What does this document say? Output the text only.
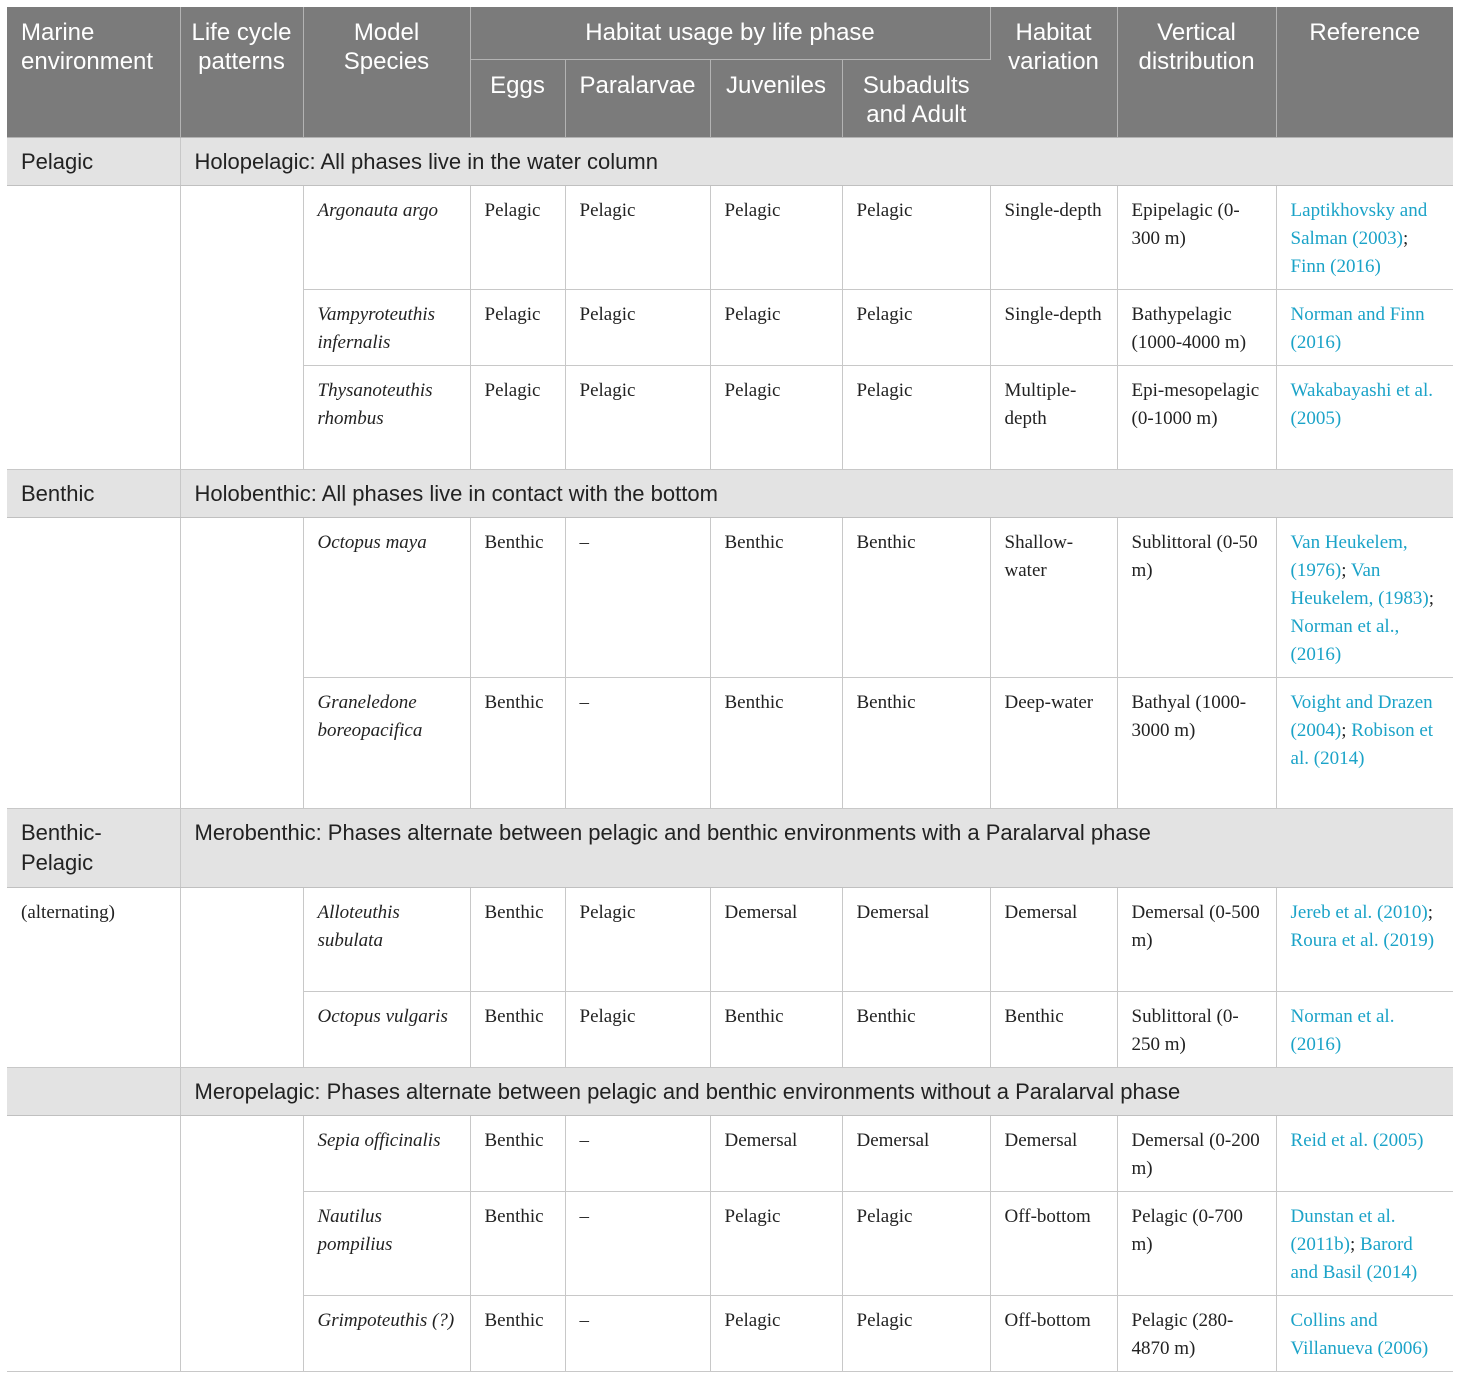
Marine environment	Life cycle patterns	Model Species	Habitat usage by life phase				Habitat variation	Vertical distribution	Reference
			Eggs	Paralarvae	Juveniles	Subadults and Adult			
Pelagic	Holopelagic: All phases live in the water column								
		Argonauta argo	Pelagic	Pelagic	Pelagic	Pelagic	Single-depth	Epipelagic (0-300 m)	Laptikhovsky and Salman (2003); Finn (2016)
		Vampyroteuthis infernalis	Pelagic	Pelagic	Pelagic	Pelagic	Single-depth	Bathypelagic (1000-4000 m)	Norman and Finn (2016)
		Thysanoteuthis rhombus	Pelagic	Pelagic	Pelagic	Pelagic	Multiple-depth	Epi-mesopelagic (0-1000 m)	Wakabayashi et al. (2005)
Benthic	Holobenthic: All phases live in contact with the bottom								
		Octopus maya	Benthic	–	Benthic	Benthic	Shallow-water	Sublittoral (0-50 m)	Van Heukelem, (1976); Van Heukelem, (1983); Norman et al., (2016)
		Graneledone boreopacifica	Benthic	–	Benthic	Benthic	Deep-water	Bathyal (1000-3000 m)	Voight and Drazen (2004); Robison et al. (2014)
Benthic-Pelagic	Merobenthic: Phases alternate between pelagic and benthic environments with a Paralarval phase								
(alternating)		Alloteuthis subulata	Benthic	Pelagic	Demersal	Demersal	Demersal	Demersal (0-500 m)	Jereb et al. (2010); Roura et al. (2019)
		Octopus vulgaris	Benthic	Pelagic	Benthic	Benthic	Benthic	Sublittoral (0-250 m)	Norman et al. (2016)
	Meropelagic: Phases alternate between pelagic and benthic environments without a Paralarval phase								
		Sepia officinalis	Benthic	–	Demersal	Demersal	Demersal	Demersal (0-200 m)	Reid et al. (2005)
		Nautilus pompilius	Benthic	–	Pelagic	Pelagic	Off-bottom	Pelagic (0-700 m)	Dunstan et al. (2011b); Barord and Basil (2014)
		Grimpoteuthis (?)	Benthic	–	Pelagic	Pelagic	Off-bottom	Pelagic (280-4870 m)	Collins and Villanueva (2006)
